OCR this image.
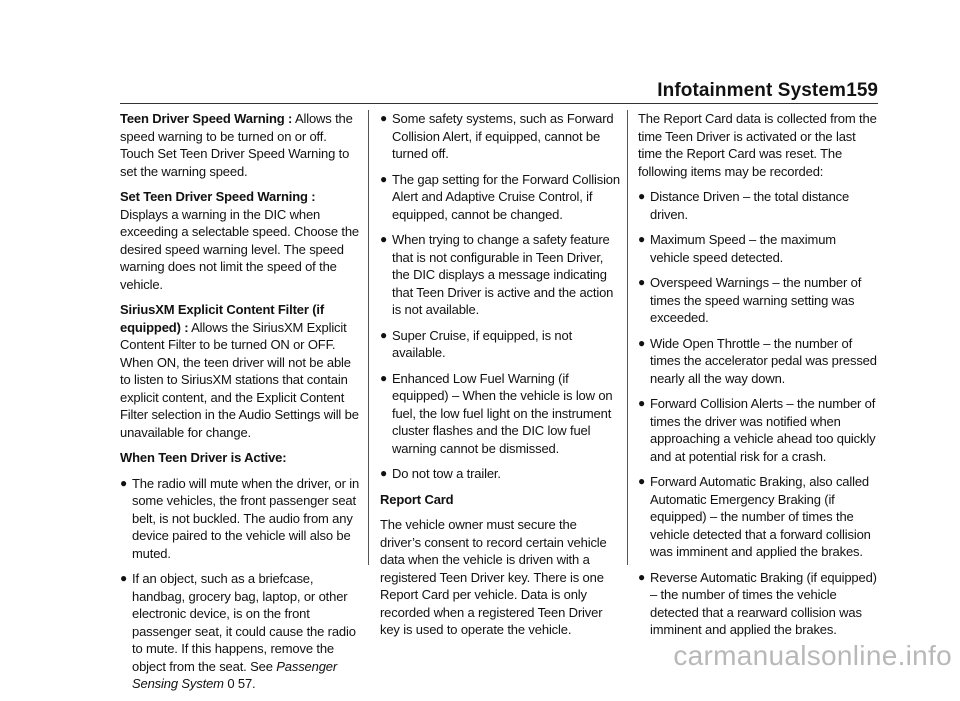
Infotainment System 159

Teen Driver Speed Warning : Allows the speed warning to be turned on or off. Touch Set Teen Driver Speed Warning to set the warning speed.

Set Teen Driver Speed Warning : Displays a warning in the DIC when exceeding a selectable speed. Choose the desired speed warning level. The speed warning does not limit the speed of the vehicle.

SiriusXM Explicit Content Filter (if equipped) : Allows the SiriusXM Explicit Content Filter to be turned ON or OFF. When ON, the teen driver will not be able to listen to SiriusXM stations that contain explicit content, and the Explicit Content Filter selection in the Audio Settings will be unavailable for change.

When Teen Driver is Active:
● The radio will mute when the driver, or in some vehicles, the front passenger seat belt, is not buckled. The audio from any device paired to the vehicle will also be muted.
● If an object, such as a briefcase, handbag, grocery bag, laptop, or other electronic device, is on the front passenger seat, it could cause the radio to mute. If this happens, remove the object from the seat. See Passenger Sensing System 0 57.
● Some safety systems, such as Forward Collision Alert, if equipped, cannot be turned off.
● The gap setting for the Forward Collision Alert and Adaptive Cruise Control, if equipped, cannot be changed.
● When trying to change a safety feature that is not configurable in Teen Driver, the DIC displays a message indicating that Teen Driver is active and the action is not available.
● Super Cruise, if equipped, is not available.
● Enhanced Low Fuel Warning (if equipped) – When the vehicle is low on fuel, the low fuel light on the instrument cluster flashes and the DIC low fuel warning cannot be dismissed.
● Do not tow a trailer.
Report Card

The vehicle owner must secure the driver’s consent to record certain vehicle data when the vehicle is driven with a registered Teen Driver key. There is one Report Card per vehicle. Data is only recorded when a registered Teen Driver key is used to operate the vehicle.

The Report Card data is collected from the time Teen Driver is activated or the last time the Report Card was reset. The following items may be recorded:

● Distance Driven – the total distance driven.
● Maximum Speed – the maximum vehicle speed detected.
● Overspeed Warnings – the number of times the speed warning setting was exceeded.
● Wide Open Throttle – the number of times the accelerator pedal was pressed nearly all the way down.
● Forward Collision Alerts – the number of times the driver was notified when approaching a vehicle ahead too quickly and at potential risk for a crash.
● Forward Automatic Braking, also called Automatic Emergency Braking (if equipped) – the number of times the vehicle detected that a forward collision was imminent and applied the brakes.
● Reverse Automatic Braking (if equipped) – the number of times the vehicle detected that a rearward collision was imminent and applied the brakes.
carmanualsonline.info
